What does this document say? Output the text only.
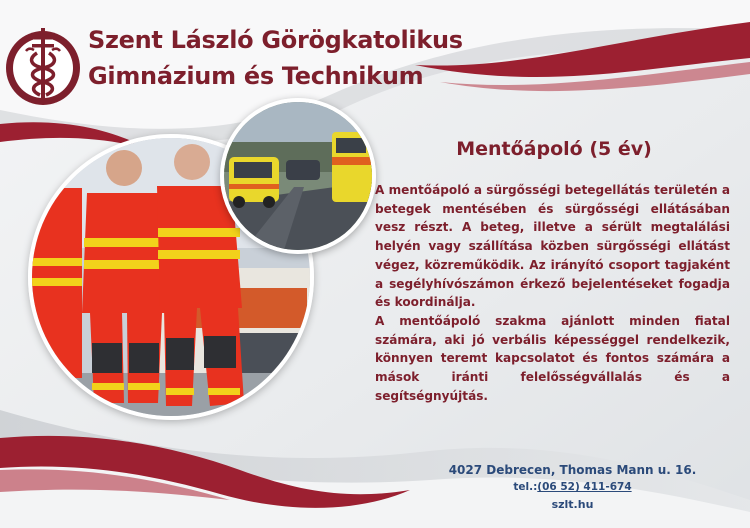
Szent László Görögkatolikus
Gimnázium és Technikum
Mentőápoló (5 év)

A mentőápoló a sürgősségi betegellátás területén a betegek mentésében és sürgősségi ellátásában vesz részt. A beteg, illetve a sérült megtalálási helyén vagy szállítása közben sürgősségi ellátást végez, közreműködik. Az irányító csoport tagjaként a segélyhívószámon érkező bejelentéseket fogadja és koordinálja.

A mentőápoló szakma ajánlott minden fiatal számára, aki jó verbális képességgel rendelkezik, könnyen teremt kapcsolatot és fontos számára a mások iránti felelősségvállalás és a segítségnyújtás.

4027 Debrecen, Thomas Mann u. 16.
tel.:(06 52) 411-674
szlt.hu
